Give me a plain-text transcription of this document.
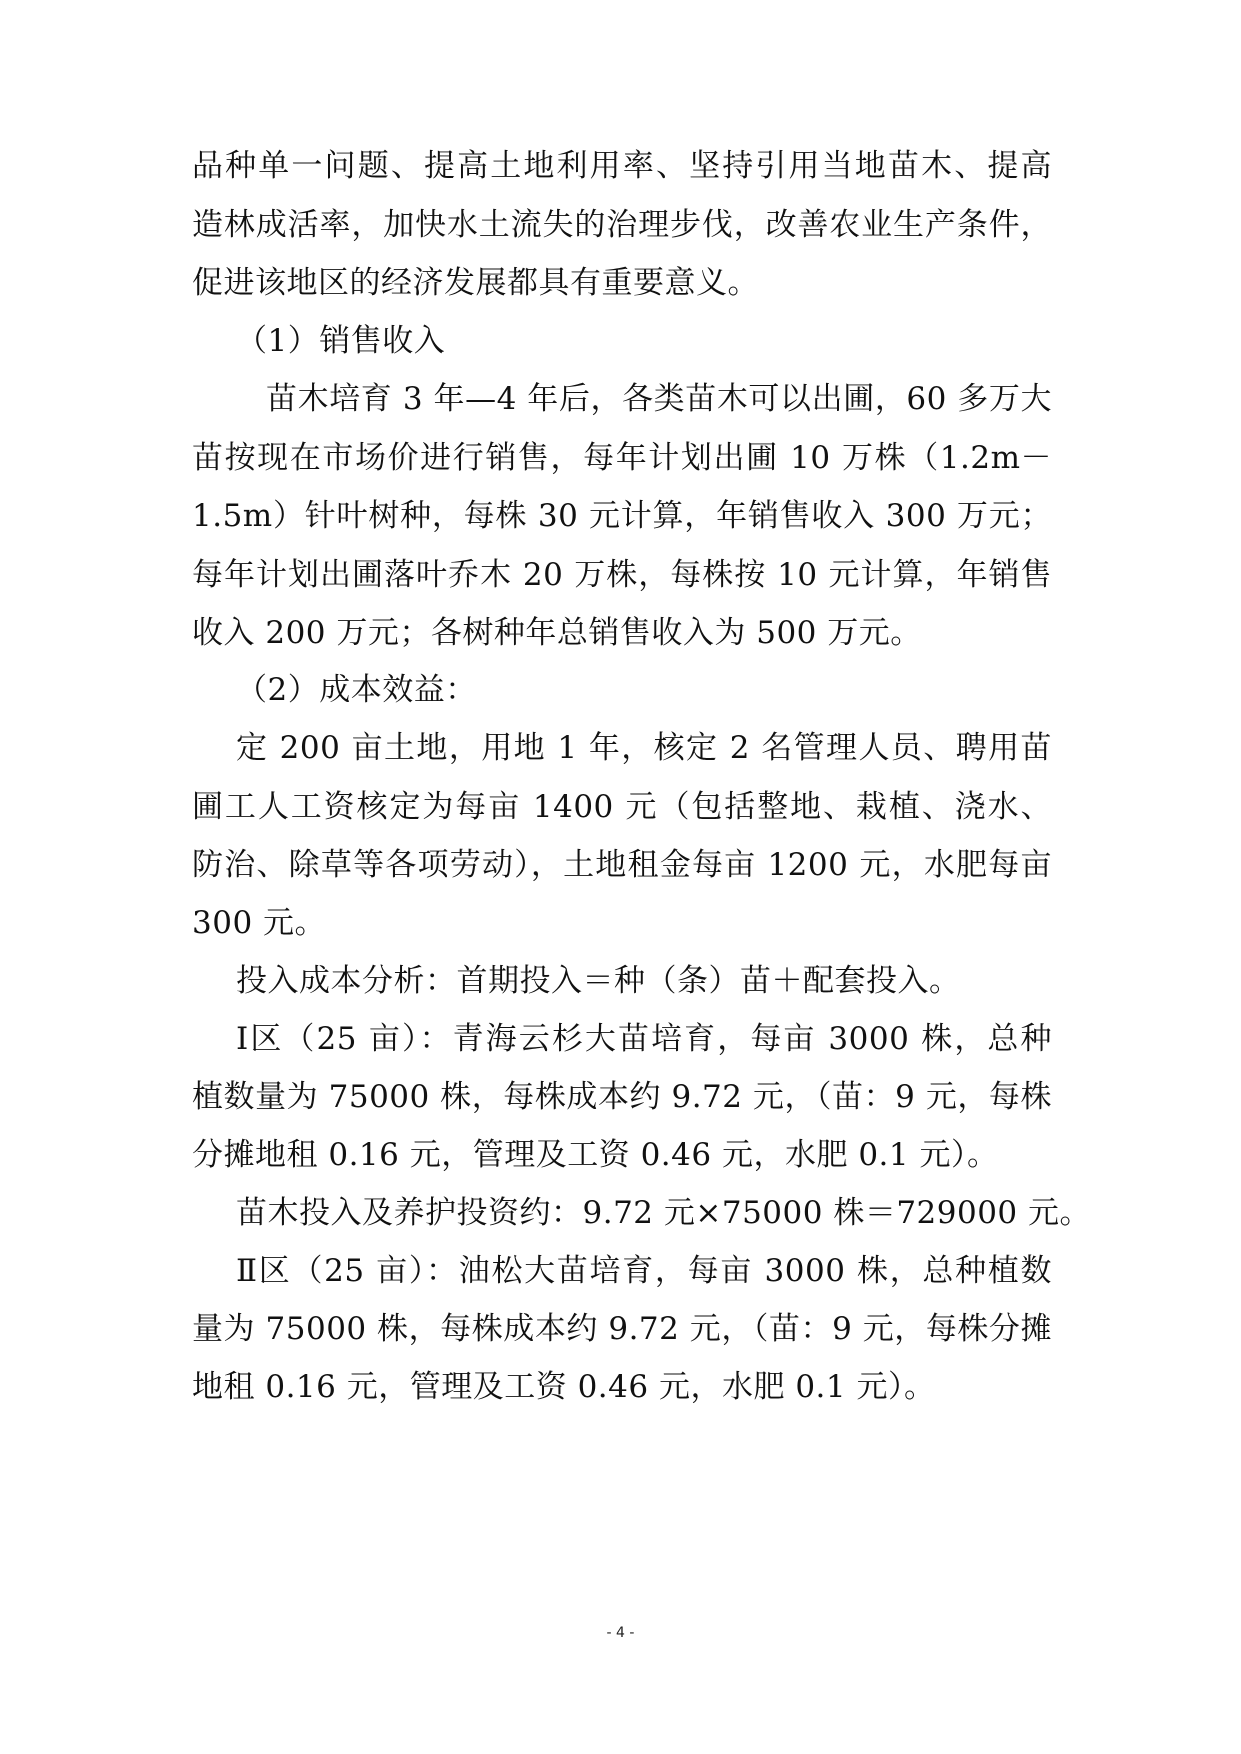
品种单一问题、提高土地利用率、坚持引用当地苗木、提高
造林成活率，加快水土流失的治理步伐，改善农业生产条件，
促进该地区的经济发展都具有重要意义。
（1）销售收入
苗木培育 3 年—4 年后，各类苗木可以出圃，60 多万大
苗按现在市场价进行销售，每年计划出圃 10 万株（1.2m－
1.5m）针叶树种，每株 30 元计算，年销售收入 300 万元；
每年计划出圃落叶乔木 20 万株，每株按 10 元计算，年销售
收入 200 万元；各树种年总销售收入为 500 万元。
（2）成本效益：
定 200 亩土地，用地 1 年，核定 2 名管理人员、聘用苗
圃工人工资核定为每亩 1400 元（包括整地、栽植、浇水、
防治、除草等各项劳动），土地租金每亩 1200 元，水肥每亩
300 元。
投入成本分析：首期投入＝种（条）苗＋配套投入。
Ⅰ区（25 亩）：青海云杉大苗培育，每亩 3000 株，总种
植数量为 75000 株，每株成本约 9.72 元，（苗：9 元，每株
分摊地租 0.16 元，管理及工资 0.46 元，水肥 0.1 元）。
苗木投入及养护投资约：9.72 元×75000 株＝729000 元。
Ⅱ区（25 亩）：油松大苗培育，每亩 3000 株，总种植数
量为 75000 株，每株成本约 9.72 元，（苗：9 元，每株分摊
地租 0.16 元，管理及工资 0.46 元，水肥 0.1 元）。
- 4 -
